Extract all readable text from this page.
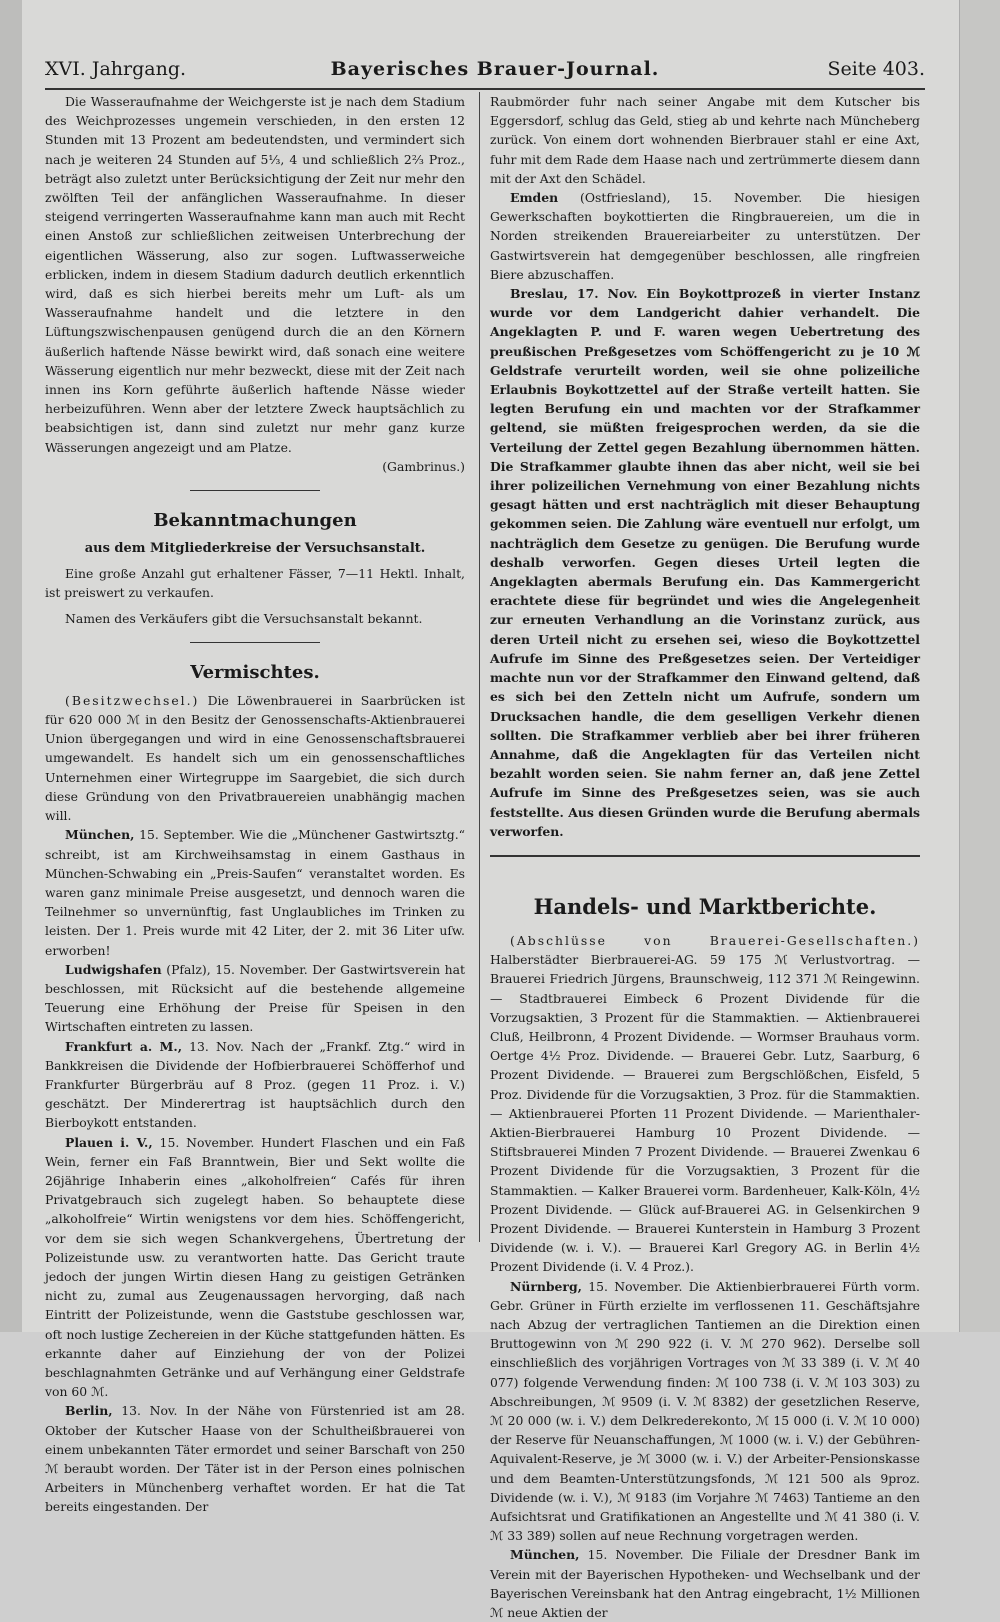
XVI. Jahrgang.	Bayerisches Brauer-Journal.	Seite 403.

Die Wasseraufnahme der Weichgerste ist je nach dem Stadium des Weichprozesses ungemein verschieden, in den ersten 12 Stunden mit 13 Prozent am bedeutendsten, und vermindert sich nach je weiteren 24 Stunden auf 5⅓, 4 und schließlich 2⅔ Proz., beträgt also zuletzt unter Berücksichtigung der Zeit nur mehr den zwölften Teil der anfänglichen Wasseraufnahme. In dieser steigend verringerten Wasseraufnahme kann man auch mit Recht einen Anstoß zur schließlichen zeitweisen Unterbrechung der eigentlichen Wässerung, also zur sogen. Luftwasserweiche erblicken, indem in diesem Stadium dadurch deutlich erkenntlich wird, daß es sich hierbei bereits mehr um Luft- als um Wasseraufnahme handelt und die letztere in den Lüftungszwischenpausen genügend durch die an den Körnern äußerlich haftende Nässe bewirkt wird, daß sonach eine weitere Wässerung eigentlich nur mehr bezweckt, diese mit der Zeit nach innen ins Korn geführte äußerlich haftende Nässe wieder herbeizuführen. Wenn aber der letztere Zweck hauptsächlich zu beabsichtigen ist, dann sind zuletzt nur mehr ganz kurze Wässerungen angezeigt und am Platze.

(Gambrinus.)

Bekanntmachungen
aus dem Mitgliederkreise der Versuchsanstalt.

Eine große Anzahl gut erhaltener Fässer, 7—11 Hektl. Inhalt, ist preiswert zu verkaufen.

Namen des Verkäufers gibt die Versuchsanstalt bekannt.

Vermischtes.

(Besitzwechsel.) Die Löwenbrauerei in Saarbrücken ist für 620 000 ℳ in den Besitz der Genossenschafts-Aktienbrauerei Union übergegangen und wird in eine Genossenschaftsbrauerei umgewandelt. Es handelt sich um ein genossenschaftliches Unternehmen einer Wirtegruppe im Saargebiet, die sich durch diese Gründung von den Privatbrauereien unabhängig machen will.

München, 15. September. Wie die „Münchener Gastwirtsztg.“ schreibt, ist am Kirchweihsamstag in einem Gasthaus in München-Schwabing ein „Preis-Saufen“ veranstaltet worden. Es waren ganz minimale Preise ausgesetzt, und dennoch waren die Teilnehmer so unvernünftig, fast Unglaubliches im Trinken zu leisten. Der 1. Preis wurde mit 42 Liter, der 2. mit 36 Liter uſw. erworben!

Ludwigshafen (Pfalz), 15. November. Der Gastwirtsverein hat beschlossen, mit Rücksicht auf die bestehende allgemeine Teuerung eine Erhöhung der Preise für Speisen in den Wirtschaften eintreten zu lassen.

Frankfurt a. M., 13. Nov. Nach der „Frankf. Ztg.“ wird in Bankkreisen die Dividende der Hofbierbrauerei Schöfferhof und Frankfurter Bürgerbräu auf 8 Proz. (gegen 11 Proz. i. V.) geschätzt. Der Minderertrag ist hauptsächlich durch den Bierboykott entstanden.

Plauen i. V., 15. November. Hundert Flaschen und ein Faß Wein, ferner ein Faß Branntwein, Bier und Sekt wollte die 26jährige Inhaberin eines „alkoholfreien“ Cafés für ihren Privatgebrauch sich zugelegt haben. So behauptete diese „alkoholfreie“ Wirtin wenigstens vor dem hies. Schöffengericht, vor dem sie sich wegen Schankvergehens, Übertretung der Polizeistunde usw. zu verantworten hatte. Das Gericht traute jedoch der jungen Wirtin diesen Hang zu geistigen Getränken nicht zu, zumal aus Zeugenaussagen hervorging, daß nach Eintritt der Polizeistunde, wenn die Gaststube geschlossen war, oft noch lustige Zechereien in der Küche stattgefunden hätten. Es erkannte daher auf Einziehung der von der Polizei beschlagnahmten Getränke und auf Verhängung einer Geldstrafe von 60 ℳ.

Berlin, 13. Nov. In der Nähe von Fürstenried ist am 28. Oktober der Kutscher Haase von der Schultheißbrauerei von einem unbekannten Täter ermordet und seiner Barschaft von 250 ℳ beraubt worden. Der Täter ist in der Person eines polnischen Arbeiters in Münchenberg verhaftet worden. Er hat die Tat bereits eingestanden. Der

Raubmörder fuhr nach seiner Angabe mit dem Kutscher bis Eggersdorf, schlug das Geld, stieg ab und kehrte nach Müncheberg zurück. Von einem dort wohnenden Bierbrauer stahl er eine Axt, fuhr mit dem Rade dem Haase nach und zertrümmerte diesem dann mit der Axt den Schädel.

Emden (Ostfriesland), 15. November. Die hiesigen Gewerkschaften boykottierten die Ringbrauereien, um die in Norden streikenden Brauereiarbeiter zu unterstützen. Der Gastwirtsverein hat demgegenüber beschlossen, alle ringfreien Biere abzuschaffen.

Breslau, 17. Nov. Ein Boykottprozeß in vierter Instanz wurde vor dem Landgericht dahier verhandelt. Die Angeklagten P. und F. waren wegen Uebertretung des preußischen Preßgesetzes vom Schöffengericht zu je 10 ℳ Geldstrafe verurteilt worden, weil sie ohne polizeiliche Erlaubnis Boykottzettel auf der Straße verteilt hatten. Sie legten Berufung ein und machten vor der Strafkammer geltend, sie müßten freigesprochen werden, da sie die Verteilung der Zettel gegen Bezahlung übernommen hätten. Die Strafkammer glaubte ihnen das aber nicht, weil sie bei ihrer polizeilichen Vernehmung von einer Bezahlung nichts gesagt hätten und erst nachträglich mit dieser Behauptung gekommen seien. Die Zahlung wäre eventuell nur erfolgt, um nachträglich dem Gesetze zu genügen. Die Berufung wurde deshalb verworfen. Gegen dieses Urteil legten die Angeklagten abermals Berufung ein. Das Kammergericht erachtete diese für begründet und wies die Angelegenheit zur erneuten Verhandlung an die Vorinstanz zurück, aus deren Urteil nicht zu ersehen sei, wieso die Boykottzettel Aufrufe im Sinne des Preßgesetzes seien. Der Verteidiger machte nun vor der Strafkammer den Einwand geltend, daß es sich bei den Zetteln nicht um Aufrufe, sondern um Drucksachen handle, die dem geselligen Verkehr dienen sollten. Die Strafkammer verblieb aber bei ihrer früheren Annahme, daß die Angeklagten für das Verteilen nicht bezahlt worden seien. Sie nahm ferner an, daß jene Zettel Aufrufe im Sinne des Preßgesetzes seien, was sie auch feststellte. Aus diesen Gründen wurde die Berufung abermals verworfen.

Handels- und Marktberichte.

(Abschlüsse von Brauerei-Gesellschaften.) Halberstädter Bierbrauerei-AG. 59 175 ℳ Verlustvortrag. — Brauerei Friedrich Jürgens, Braunschweig, 112 371 ℳ Reingewinn. — Stadtbrauerei Eimbeck 6 Prozent Dividende für die Vorzugsaktien, 3 Prozent für die Stammaktien. — Aktienbrauerei Cluß, Heilbronn, 4 Prozent Dividende. — Wormser Brauhaus vorm. Oertge 4½ Proz. Dividende. — Brauerei Gebr. Lutz, Saarburg, 6 Prozent Dividende. — Brauerei zum Bergschlößchen, Eisfeld, 5 Proz. Dividende für die Vorzugsaktien, 3 Proz. für die Stammaktien. — Aktienbrauerei Pforten 11 Prozent Dividende. — Marienthaler-Aktien-Bierbrauerei Hamburg 10 Prozent Dividende. — Stiftsbrauerei Minden 7 Prozent Dividende. — Brauerei Zwenkau 6 Prozent Dividende für die Vorzugsaktien, 3 Prozent für die Stammaktien. — Kalker Brauerei vorm. Bardenheuer, Kalk-Köln, 4½ Prozent Dividende. — Glück auf-Brauerei AG. in Gelsenkirchen 9 Prozent Dividende. — Brauerei Kunterstein in Hamburg 3 Prozent Dividende (w. i. V.). — Brauerei Karl Gregory AG. in Berlin 4½ Prozent Dividende (i. V. 4 Proz.).

Nürnberg, 15. November. Die Aktienbierbrauerei Fürth vorm. Gebr. Grüner in Fürth erzielte im verflossenen 11. Geschäftsjahre nach Abzug der vertraglichen Tantiemen an die Direktion einen Bruttogewinn von ℳ 290 922 (i. V. ℳ 270 962). Derselbe soll einschließlich des vorjährigen Vortrages von ℳ 33 389 (i. V. ℳ 40 077) folgende Verwendung finden: ℳ 100 738 (i. V. ℳ 103 303) zu Abschreibungen, ℳ 9509 (i. V. ℳ 8382) der gesetzlichen Reserve, ℳ 20 000 (w. i. V.) dem Delkrederekonto, ℳ 15 000 (i. V. ℳ 10 000) der Reserve für Neuanschaffungen, ℳ 1000 (w. i. V.) der Gebühren-Aquivalent-Reserve, je ℳ 3000 (w. i. V.) der Arbeiter-Pensionskasse und dem Beamten-Unterstützungsfonds, ℳ 121 500 als 9proz. Dividende (w. i. V.), ℳ 9183 (im Vorjahre ℳ 7463) Tantieme an den Aufsichtsrat und Gratifikationen an Angestellte und ℳ 41 380 (i. V. ℳ 33 389) sollen auf neue Rechnung vorgetragen werden.

München, 15. November. Die Filiale der Dresdner Bank im Verein mit der Bayerischen Hypotheken- und Wechselbank und der Bayerischen Vereinsbank hat den Antrag eingebracht, 1½ Millionen ℳ neue Aktien der
